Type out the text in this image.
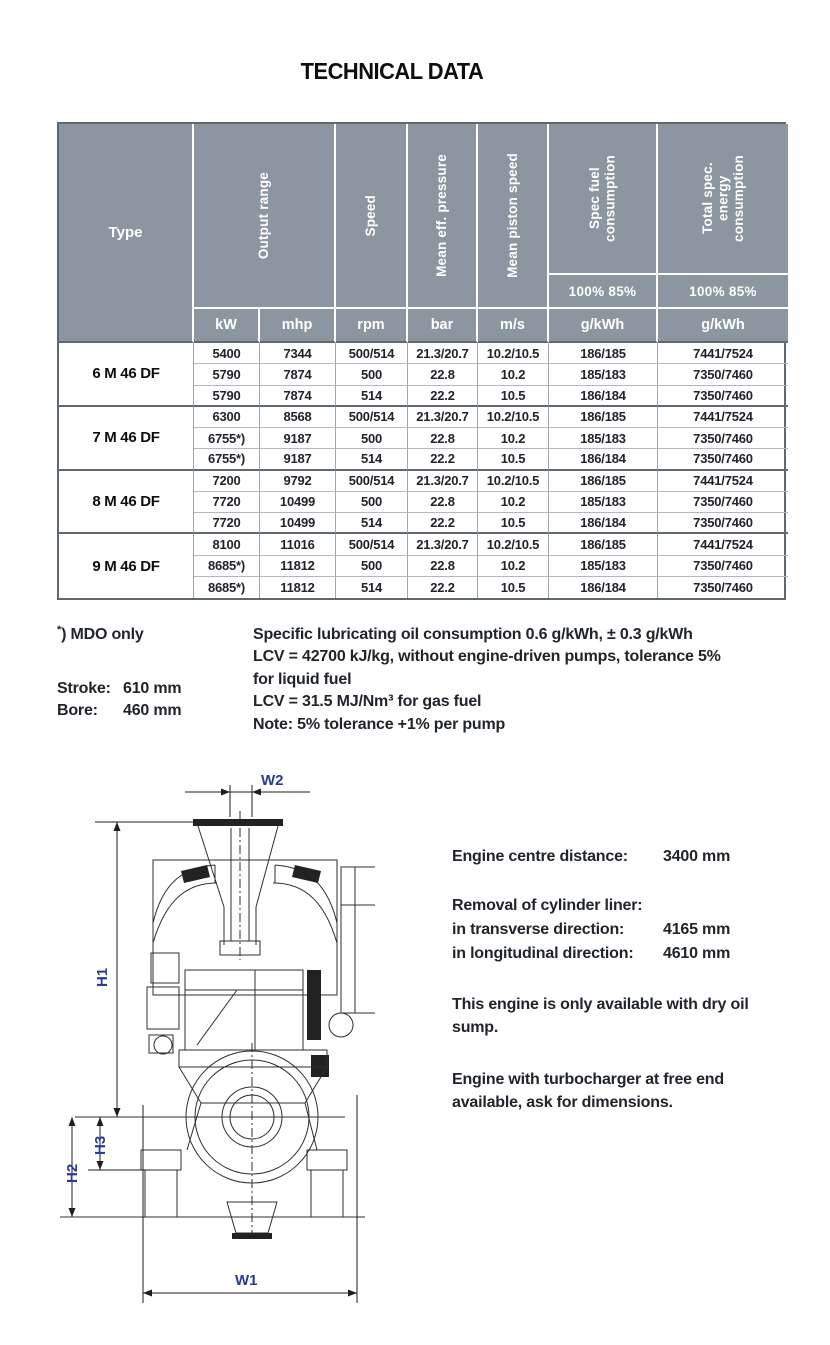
TECHNICAL DATA
Type	Output range	Speed	Mean eff. pressure	Mean piston speed	Spec fuel consumption	Total spec. energy consumption
100% 85%	100% 85%
kW	mhp	rpm	bar	m/s	g/kWh	g/kWh
6 M 46 DF
5400	7344	500/514	21.3/20.7	10.2/10.5	186/185	7441/7524
5790	7874	500	22.8	10.2	185/183	7350/7460
5790	7874	514	22.2	10.5	186/184	7350/7460
7 M 46 DF
6300	8568	500/514	21.3/20.7	10.2/10.5	186/185	7441/7524
6755*)	9187	500	22.8	10.2	185/183	7350/7460
6755*)	9187	514	22.2	10.5	186/184	7350/7460
8 M 46 DF
7200	9792	500/514	21.3/20.7	10.2/10.5	186/185	7441/7524
7720	10499	500	22.8	10.2	185/183	7350/7460
7720	10499	514	22.2	10.5	186/184	7350/7460
9 M 46 DF
8100	11016	500/514	21.3/20.7	10.2/10.5	186/185	7441/7524
8685*)	11812	500	22.8	10.2	185/183	7350/7460
8685*)	11812	514	22.2	10.5	186/184	7350/7460
*) MDO only
Stroke: 610 mm
Bore:	460 mm
Specific lubricating oil consumption 0.6 g/kWh, ± 0.3 g/kWh
LCV = 42700 kJ/kg, without engine-driven pumps, tolerance 5%
for liquid fuel
LCV = 31.5 MJ/Nm³ for gas fuel
Note: 5% tolerance +1% per pump
W2
H1
H3
H2
W1
Engine centre distance:	3400 mm
Removal of cylinder liner:
in transverse direction:	4165 mm
in longitudinal direction:	4610 mm
This engine is only available with dry oil sump.
Engine with turbocharger at free end available, ask for dimensions.
